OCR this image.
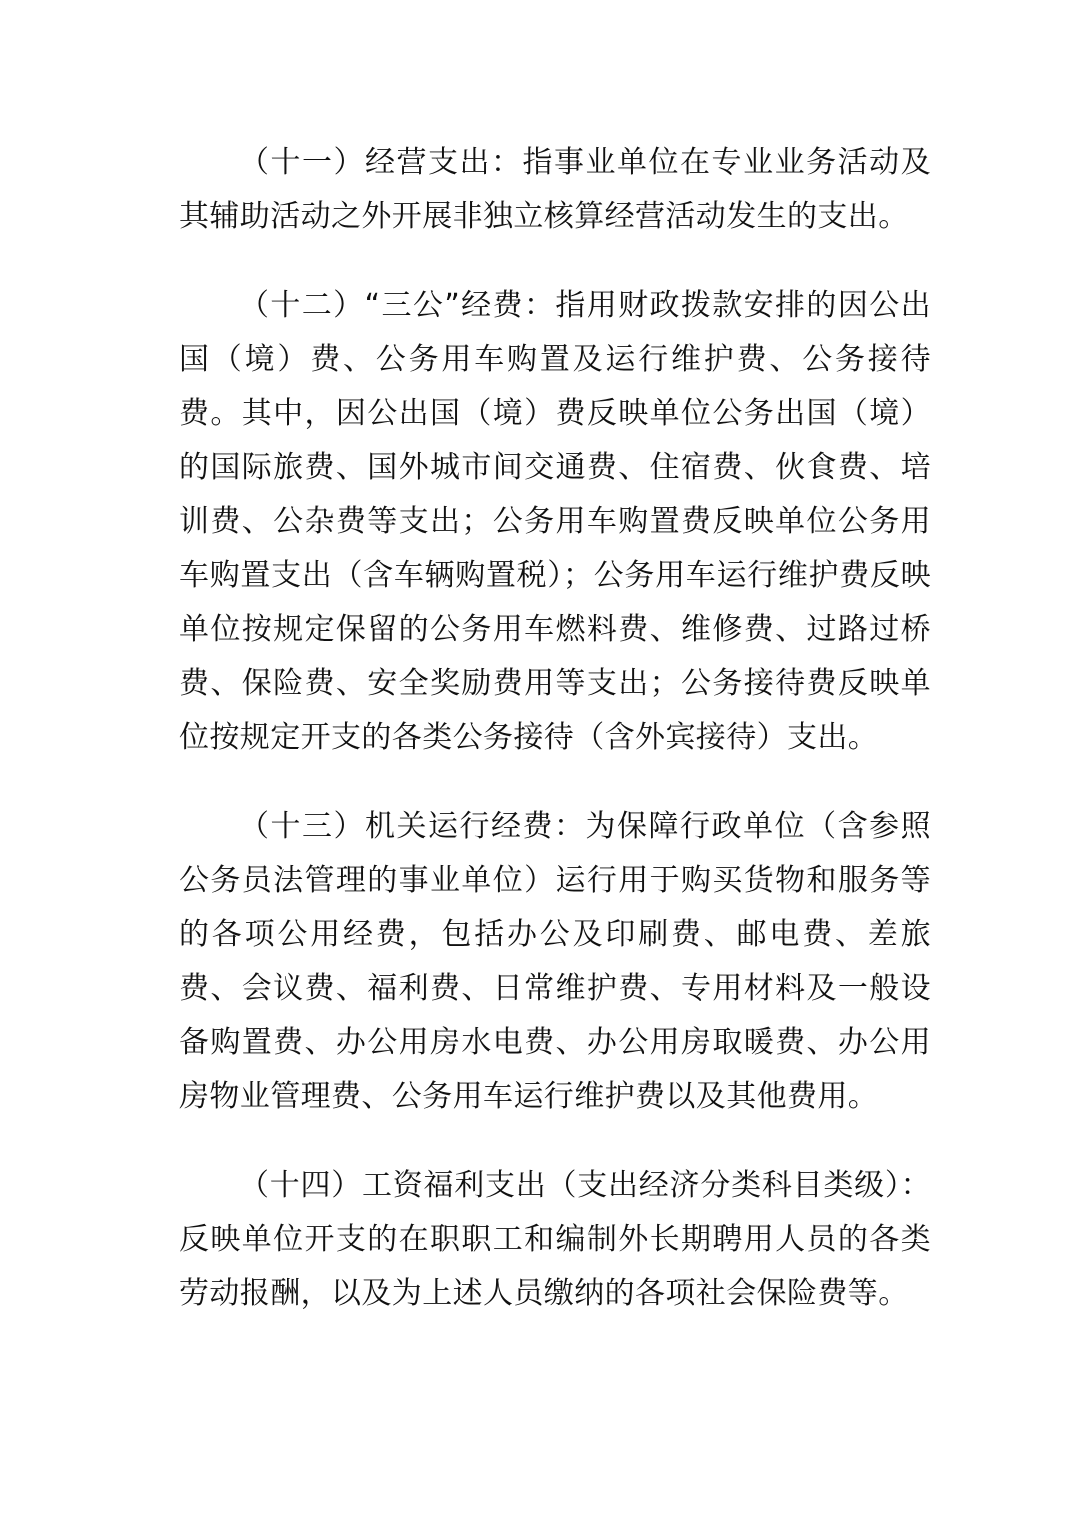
（十一）经营支出：指事业单位在专业业务活动及其辅助活动之外开展非独立核算经营活动发生的支出。

（十二）“三公”经费：指用财政拨款安排的因公出国（境）费、公务用车购置及运行维护费、公务接待费。其中，因公出国（境）费反映单位公务出国（境）的国际旅费、国外城市间交通费、住宿费、伙食费、培训费、公杂费等支出；公务用车购置费反映单位公务用车购置支出（含车辆购置税）；公务用车运行维护费反映单位按规定保留的公务用车燃料费、维修费、过路过桥费、保险费、安全奖励费用等支出；公务接待费反映单位按规定开支的各类公务接待（含外宾接待）支出。

（十三）机关运行经费：为保障行政单位（含参照公务员法管理的事业单位）运行用于购买货物和服务等的各项公用经费，包括办公及印刷费、邮电费、差旅费、会议费、福利费、日常维护费、专用材料及一般设备购置费、办公用房水电费、办公用房取暖费、办公用房物业管理费、公务用车运行维护费以及其他费用。

（十四）工资福利支出（支出经济分类科目类级）：反映单位开支的在职职工和编制外长期聘用人员的各类劳动报酬，以及为上述人员缴纳的各项社会保险费等。
